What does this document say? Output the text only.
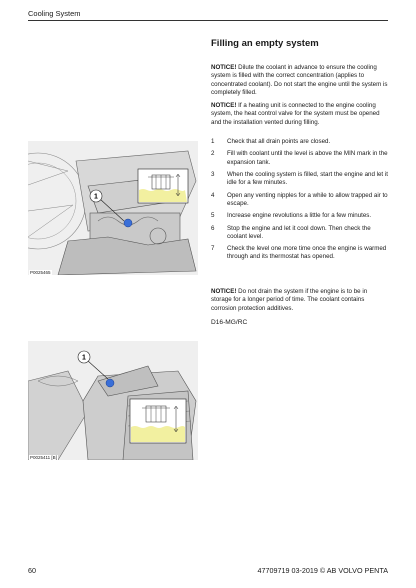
Cooling System
1
P0025465
1
P0025411 [B]
Filling an empty system

NOTICE! Dilute the coolant in advance to ensure the cooling system is filled with the correct concentration (applies to concentrated coolant). Do not start the engine until the system is completely filled.

NOTICE! If a heating unit is connected to the engine cooling system, the heat control valve for the system must be opened and the installation vented during filling.

1	Check that all drain points are closed.
2	Fill with coolant until the level is above the MIN mark in the expansion tank.
3	When the cooling system is filled, start the engine and let it idle for a few minutes.
4	Open any venting nipples for a while to allow trapped air to escape.
5	Increase engine revolutions a little for a few minutes.
6	Stop the engine and let it cool down. Then check the coolant level.
7	Check the level one more time once the engine is warmed through and its thermostat has opened.

NOTICE! Do not drain the system if the engine is to be in storage for a longer period of time. The coolant contains corrosion protection additives.

D16-MG/RC
60	47709719 03-2019 © AB VOLVO PENTA
